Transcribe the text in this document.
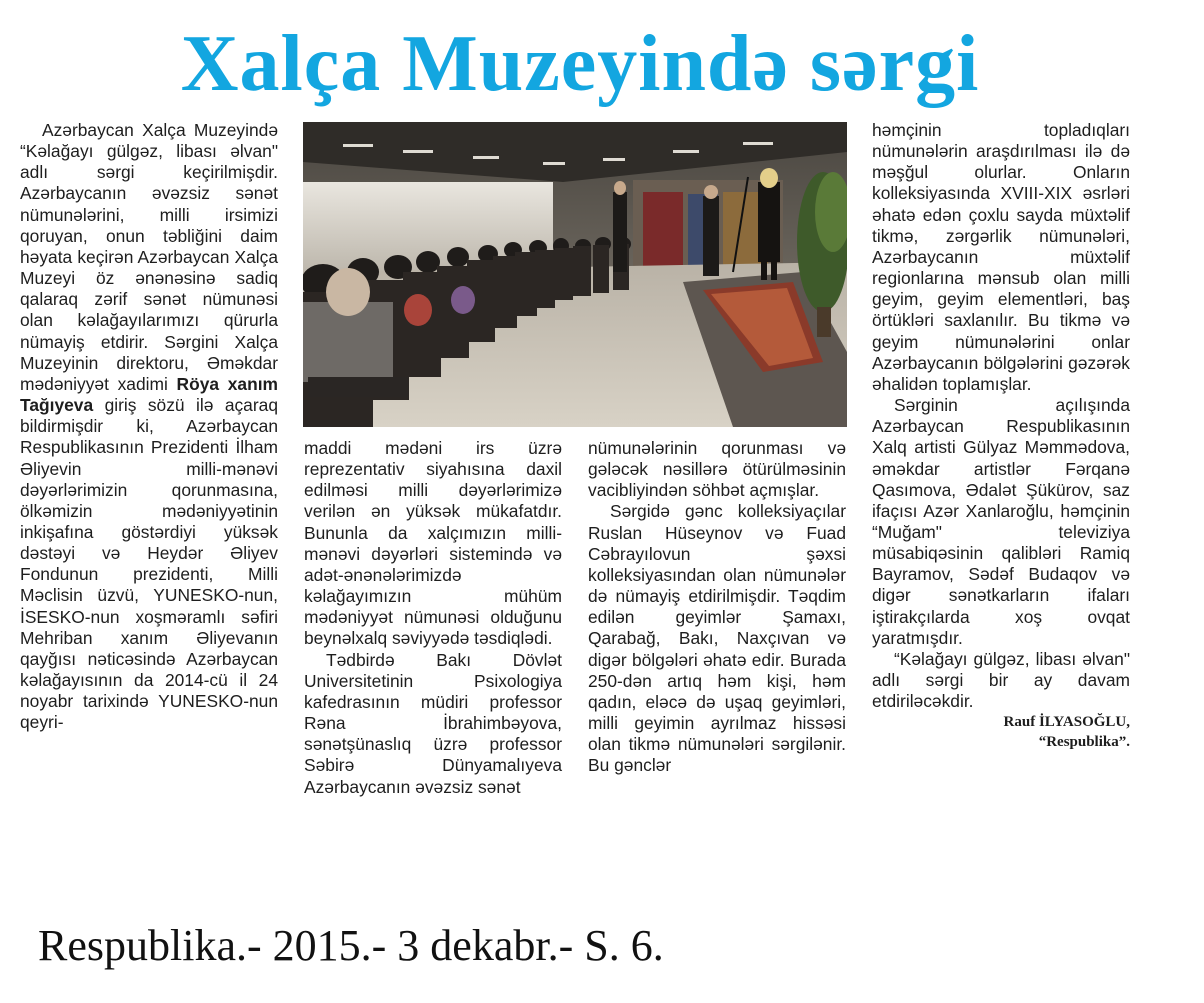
Xalça Muzeyində sərgi

Azərbaycan Xalça Muzeyində “Kəlağayı gülgəz, libası əlvan" adlı sərgi keçirilmişdir. Azərbaycanın əvəzsiz sənət nümunələrini, milli irsimizi qoruyan, onun təbliğini daim həyata keçirən Azərbaycan Xalça Muzeyi öz ənənəsinə sadiq qalaraq zərif sənət nümunəsi olan kəlağayılarımızı qürurla nümayiş etdirir. Sərgini Xalça Muzeyinin direktoru, Əməkdar mədəniyyət xadimi Röya xanım Tağıyeva giriş sözü ilə açaraq bildirmişdir ki, Azərbaycan Respublikasının Prezidenti İlham Əliyevin milli-mənəvi dəyərlərimizin qorunmasına, ölkəmizin mədəniyyətinin inkişafına göstərdiyi yüksək dəstəyi və Heydər Əliyev Fondunun prezidenti, Milli Məclisin üzvü, YUNESKO-nun, İSESKO-nun xoşməramlı səfiri Mehriban xanım Əliyevanın qayğısı nəticəsində Azərbaycan kəlağayısının da 2014-cü il 24 noyabr tarixində YUNESKO-nun qeyri-

maddi mədəni irs üzrə reprezentativ siyahısına daxil edilməsi milli dəyərlərimizə verilən ən yüksək mükafatdır. Bununla da xalçımızın milli-mənəvi dəyərləri sistemində və adət-ənənələrimizdə kəlağayımızın mühüm mədəniyyət nümunəsi olduğunu beynəlxalq səviyyədə təsdiqlədi.

Tədbirdə Bakı Dövlət Universitetinin Psixologiya kafedrasının müdiri professor Rəna İbrahimbəyova, sənətşünaslıq üzrə professor Səbirə Dünyamalıyeva Azərbaycanın əvəzsiz sənət

nümunələrinin qorunması və gələcək nəsillərə ötürülməsinin vacibliyindən söhbət açmışlar.

Sərgidə gənc kolleksiyaçılar Ruslan Hüseynov və Fuad Cəbrayılovun şəxsi kolleksiyasından olan nümunələr də nümayiş etdirilmişdir. Təqdim edilən geyimlər Şamaxı, Qarabağ, Bakı, Naxçıvan və digər bölgələri əhatə edir. Burada 250-dən artıq həm kişi, həm qadın, eləcə də uşaq geyimləri, milli geyimin ayrılmaz hissəsi olan tikmə nümunələri sərgilənir. Bu gənclər

həmçinin topladıqları nümunələrin araşdırılması ilə də məşğul olurlar. Onların kolleksiyasında XVIII-XIX əsrləri əhatə edən çoxlu sayda müxtəlif tikmə, zərgərlik nümunələri, Azərbaycanın müxtəlif regionlarına mənsub olan milli geyim, geyim elementləri, baş örtükləri saxlanılır. Bu tikmə və geyim nümunələrini onlar Azərbaycanın bölgələrini gəzərək əhalidən toplamışlar.

Sərginin açılışında Azərbaycan Respublikasının Xalq artisti Gülyaz Məmmədova, əməkdar artistlər Fərqanə Qasımova, Ədalət Şükürov, saz ifaçısı Azər Xanlaroğlu, həmçinin “Muğam" televiziya müsabiqəsinin qalibləri Ramiq Bayramov, Sədəf Budaqov və digər sənətkarların ifaları iştirakçılarda xoş ovqat yaratmışdır.

“Kəlağayı gülgəz, libası əlvan" adlı sərgi bir ay davam etdiriləcəkdir.

Rauf İLYASOĞLU,

“Respublika”.

Respublika.- 2015.- 3 dekabr.- S. 6.
